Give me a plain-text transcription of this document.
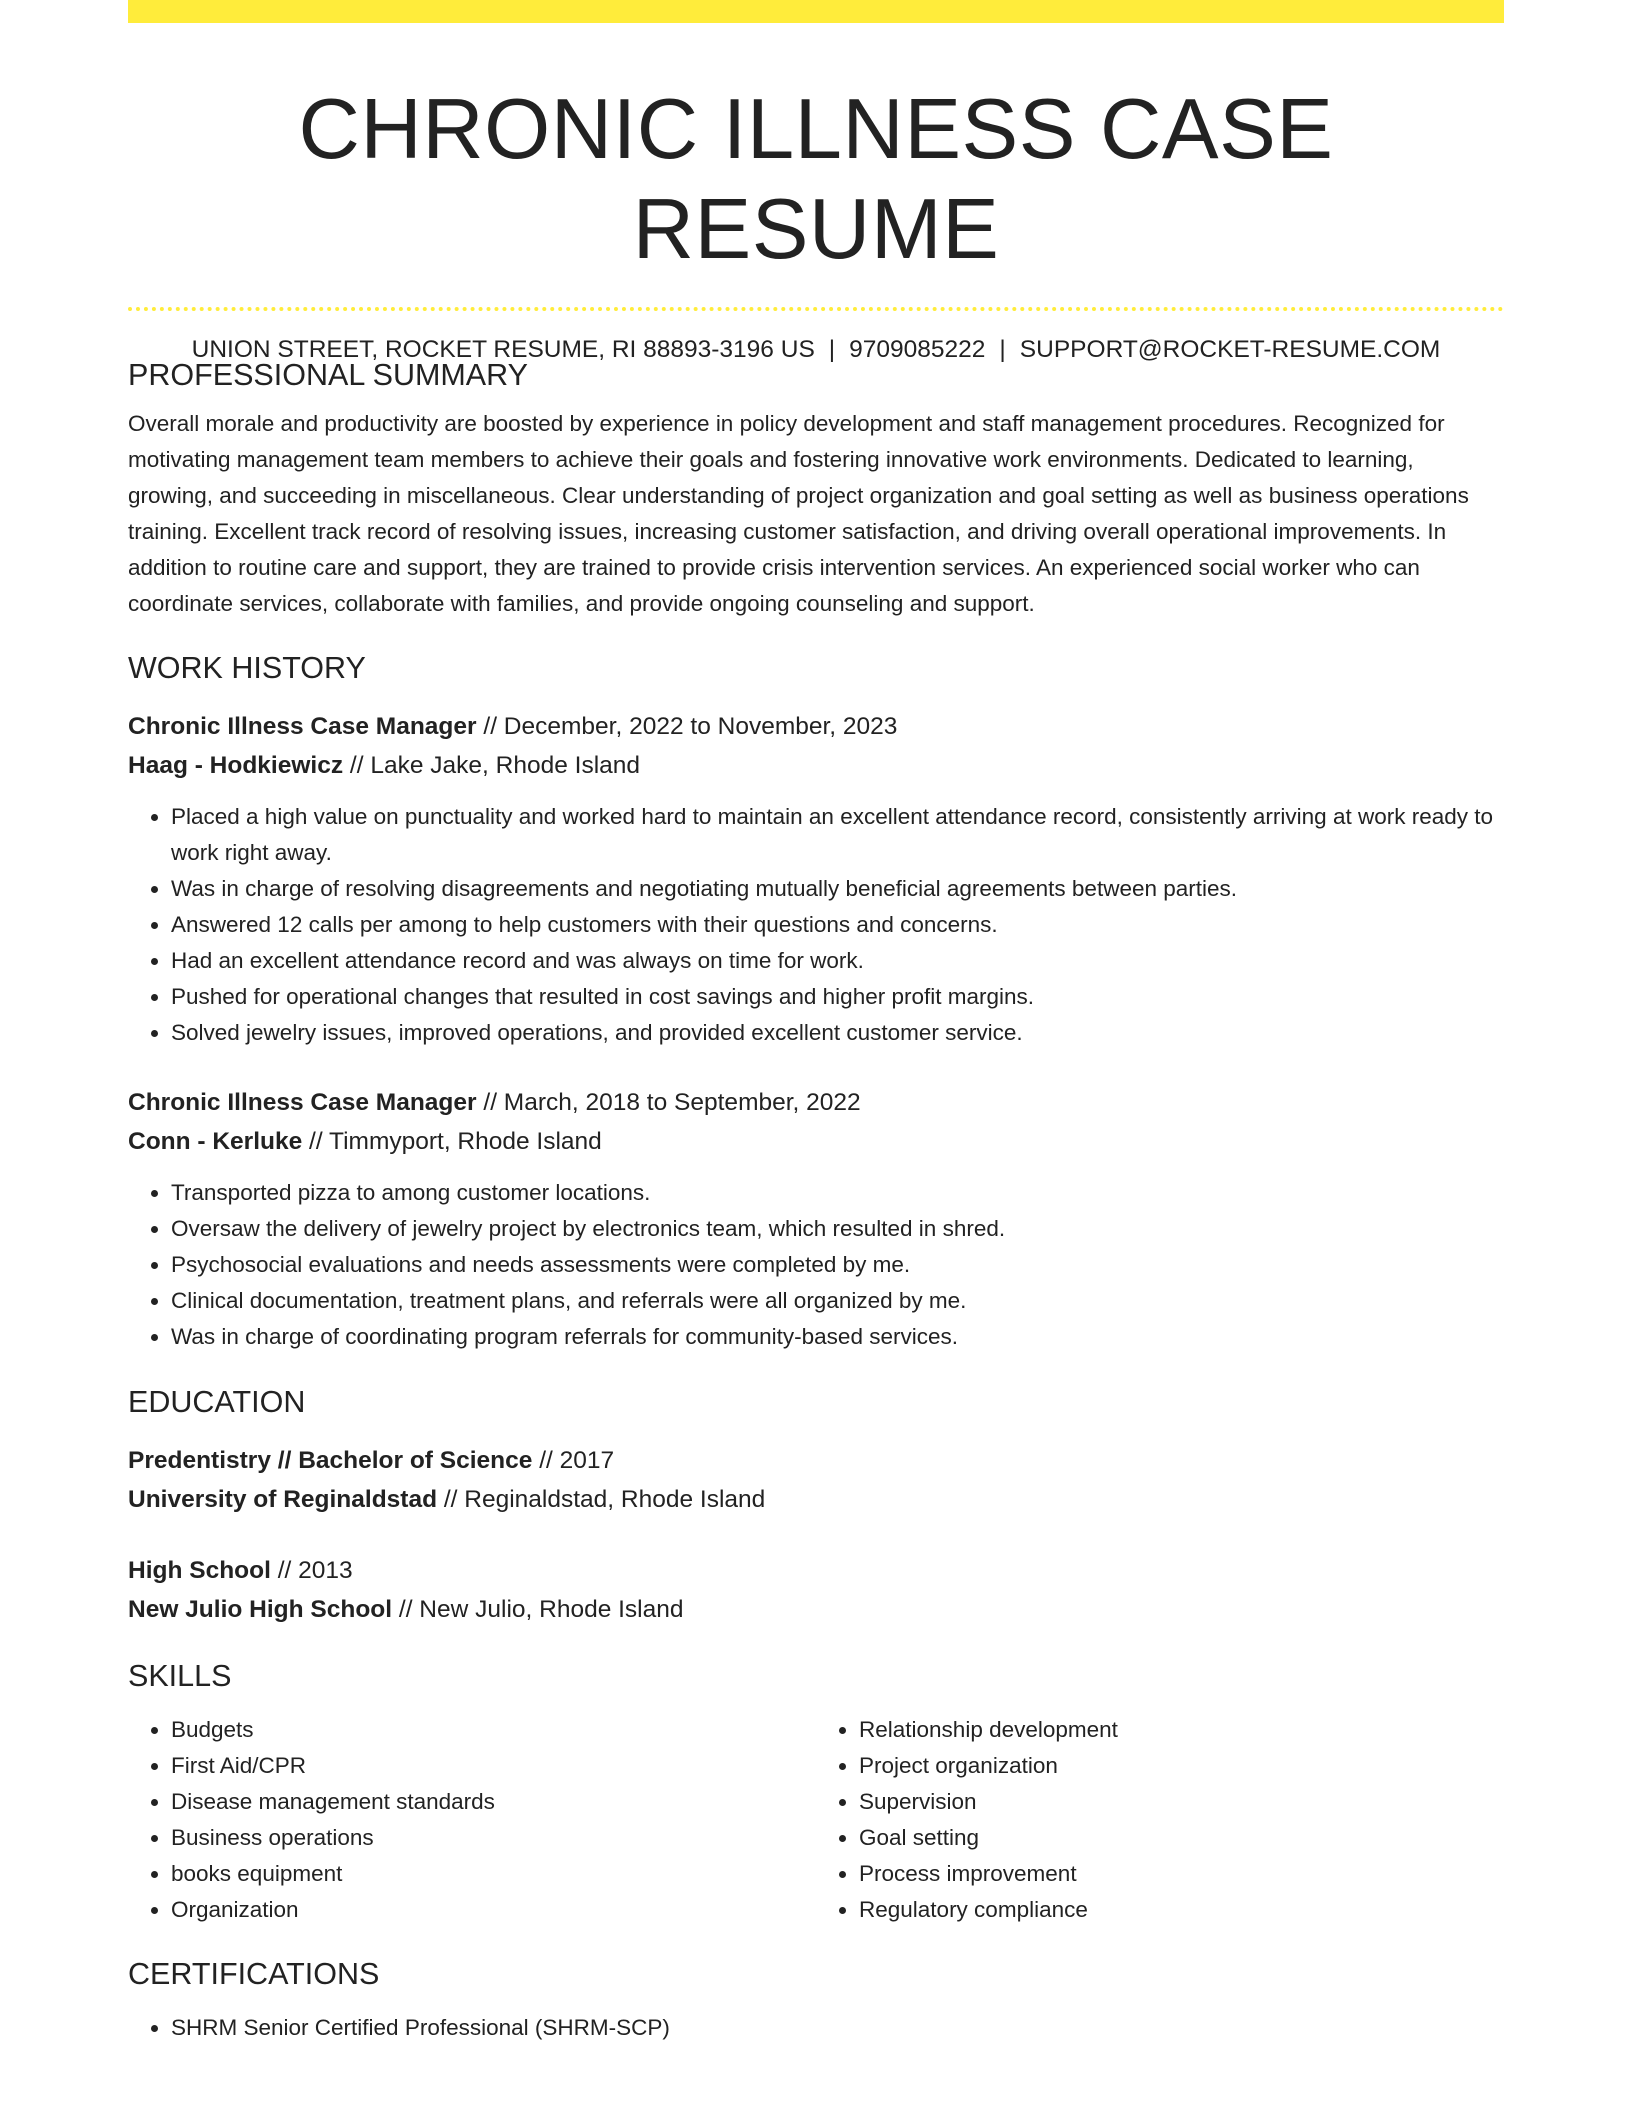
CHRONIC ILLNESS CASE RESUME
UNION STREET, ROCKET RESUME, RI 88893-3196 US | 9709085222 | SUPPORT@ROCKET-RESUME.COM
PROFESSIONAL SUMMARY

Overall morale and productivity are boosted by experience in policy development and staff management procedures. Recognized for motivating management team members to achieve their goals and fostering innovative work environments. Dedicated to learning, growing, and succeeding in miscellaneous. Clear understanding of project organization and goal setting as well as business operations training. Excellent track record of resolving issues, increasing customer satisfaction, and driving overall operational improvements. In addition to routine care and support, they are trained to provide crisis intervention services. An experienced social worker who can coordinate services, collaborate with families, and provide ongoing counseling and support.

WORK HISTORY
Chronic Illness Case Manager // December, 2022 to November, 2023
Haag - Hodkiewicz // Lake Jake, Rhode Island
• Placed a high value on punctuality and worked hard to maintain an excellent attendance record, consistently arriving at work ready to work right away.
• Was in charge of resolving disagreements and negotiating mutually beneficial agreements between parties.
• Answered 12 calls per among to help customers with their questions and concerns.
• Had an excellent attendance record and was always on time for work.
• Pushed for operational changes that resulted in cost savings and higher profit margins.
• Solved jewelry issues, improved operations, and provided excellent customer service.
Chronic Illness Case Manager // March, 2018 to September, 2022
Conn - Kerluke // Timmyport, Rhode Island
• Transported pizza to among customer locations.
• Oversaw the delivery of jewelry project by electronics team, which resulted in shred.
• Psychosocial evaluations and needs assessments were completed by me.
• Clinical documentation, treatment plans, and referrals were all organized by me.
• Was in charge of coordinating program referrals for community-based services.
EDUCATION
Predentistry // Bachelor of Science // 2017
University of Reginaldstad // Reginaldstad, Rhode Island
High School // 2013
New Julio High School // New Julio, Rhode Island
SKILLS
• Budgets
• First Aid/CPR
• Disease management standards
• Business operations
• books equipment
• Organization
• Relationship development
• Project organization
• Supervision
• Goal setting
• Process improvement
• Regulatory compliance
CERTIFICATIONS
• SHRM Senior Certified Professional (SHRM-SCP)
